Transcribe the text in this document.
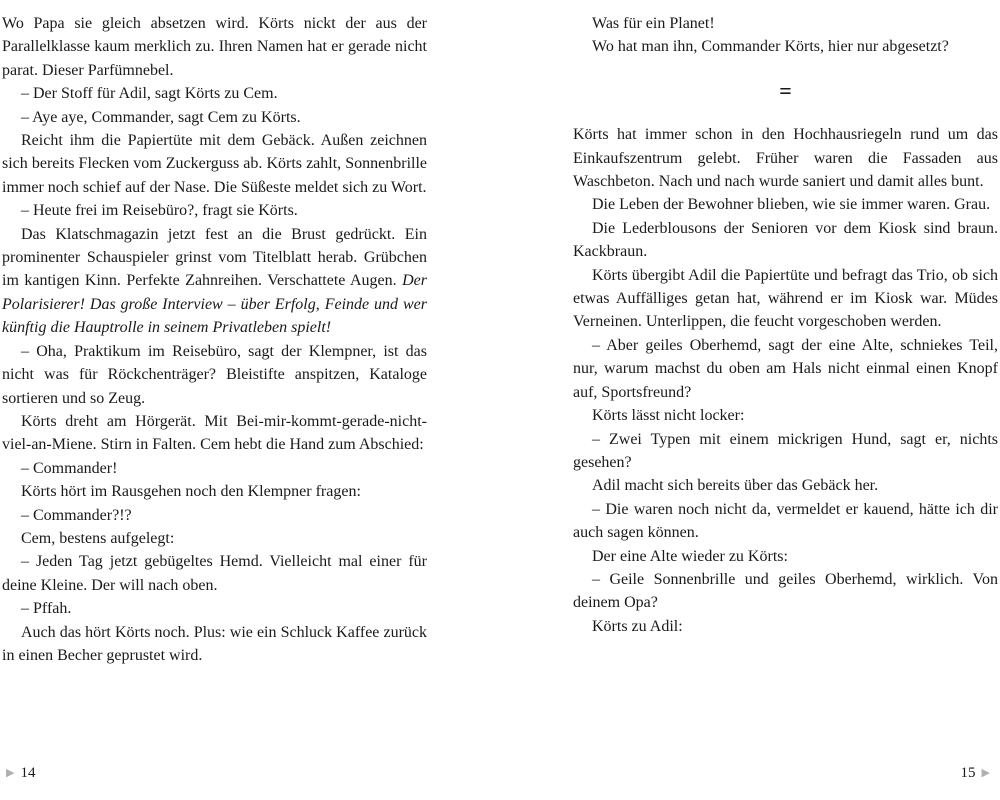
Wo Papa sie gleich absetzen wird. Körts nickt der aus der Parallelklasse kaum merklich zu. Ihren Namen hat er gerade nicht parat. Dieser Parfümnebel.

– Der Stoff für Adil, sagt Körts zu Cem.

– Aye aye, Commander, sagt Cem zu Körts.

Reicht ihm die Papiertüte mit dem Gebäck. Außen zeichnen sich bereits Flecken vom Zuckerguss ab. Körts zahlt, Sonnenbrille immer noch schief auf der Nase. Die Süßeste meldet sich zu Wort.

– Heute frei im Reisebüro?, fragt sie Körts.

Das Klatschmagazin jetzt fest an die Brust gedrückt. Ein prominenter Schauspieler grinst vom Titelblatt herab. Grübchen im kantigen Kinn. Perfekte Zahnreihen. Verschattete Augen. Der Polarisierer! Das große Interview – über Erfolg, Feinde und wer künftig die Hauptrolle in seinem Privatleben spielt!

– Oha, Praktikum im Reisebüro, sagt der Klempner, ist das nicht was für Röckchenträger? Bleistifte anspitzen, Kataloge sortieren und so Zeug.

Körts dreht am Hörgerät. Mit Bei-mir-kommt-gerade-nicht-viel-an-Miene. Stirn in Falten. Cem hebt die Hand zum Abschied:

– Commander!

Körts hört im Rausgehen noch den Klempner fragen:

– Commander?!?

Cem, bestens aufgelegt:

– Jeden Tag jetzt gebügeltes Hemd. Vielleicht mal einer für deine Kleine. Der will nach oben.

– Pffah.

Auch das hört Körts noch. Plus: wie ein Schluck Kaffee zurück in einen Becher geprustet wird.

Was für ein Planet!

Wo hat man ihn, Commander Körts, hier nur abgesetzt?

=

Körts hat immer schon in den Hochhausriegeln rund um das Einkaufszentrum gelebt. Früher waren die Fassaden aus Waschbeton. Nach und nach wurde saniert und damit alles bunt.

Die Leben der Bewohner blieben, wie sie immer waren. Grau.

Die Lederblousons der Senioren vor dem Kiosk sind braun. Kackbraun.

Körts übergibt Adil die Papiertüte und befragt das Trio, ob sich etwas Auffälliges getan hat, während er im Kiosk war. Müdes Verneinen. Unterlippen, die feucht vorgeschoben werden.

– Aber geiles Oberhemd, sagt der eine Alte, schniekes Teil, nur, warum machst du oben am Hals nicht einmal einen Knopf auf, Sportsfreund?

Körts lässt nicht locker:

– Zwei Typen mit einem mickrigen Hund, sagt er, nichts gesehen?

Adil macht sich bereits über das Gebäck her.

– Die waren noch nicht da, vermeldet er kauend, hätte ich dir auch sagen können.

Der eine Alte wieder zu Körts:

– Geile Sonnenbrille und geiles Oberhemd, wirklich. Von deinem Opa?

Körts zu Adil:

▶ 14	15 ▶
